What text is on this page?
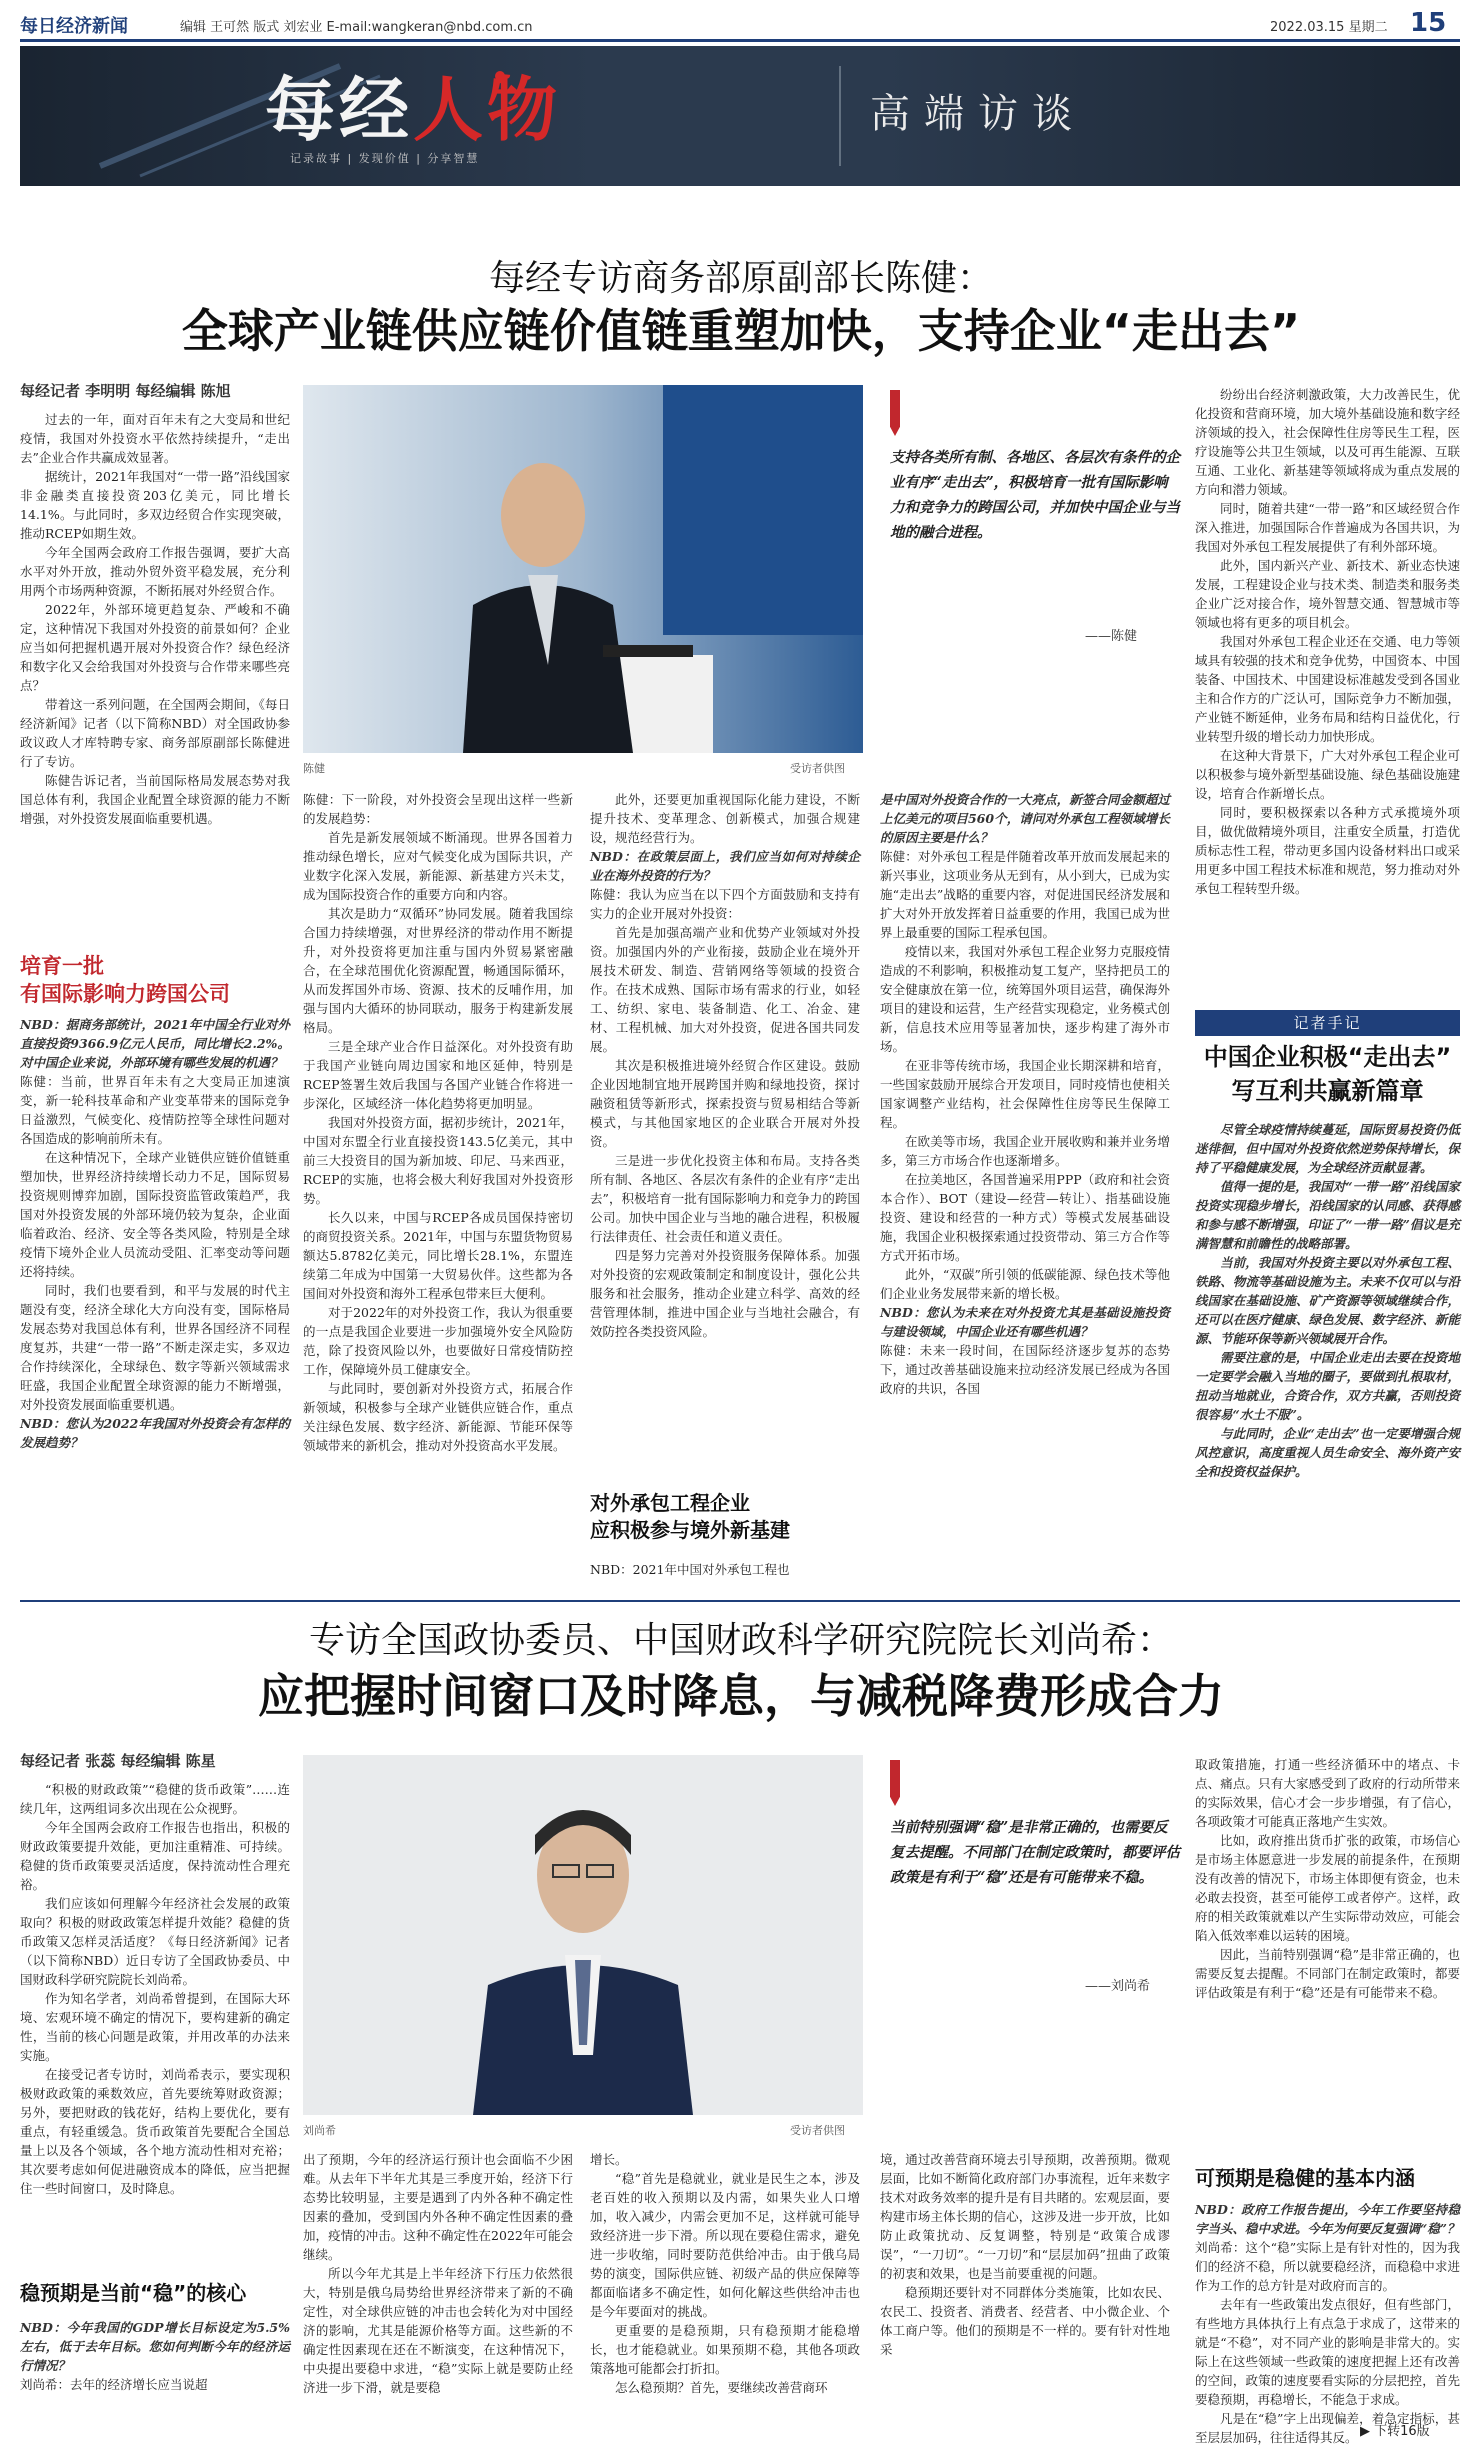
每日经济新闻	编辑 王可然 版式 刘宏业 E-mail:wangkeran@nbd.com.cn	2022.03.15 星期二 15
每经人物
记录故事 | 发现价值 | 分享智慧
高端访谈
每经专访商务部原副部长陈健：
全球产业链供应链价值链重塑加快，支持企业“走出去”
每经记者 李明明 每经编辑 陈旭

过去的一年，面对百年未有之大变局和世纪疫情，我国对外投资水平依然持续提升，“走出去”企业合作共赢成效显著。

据统计，2021年我国对“一带一路”沿线国家非金融类直接投资203亿美元，同比增长14.1%。与此同时，多双边经贸合作实现突破，推动RCEP如期生效。

今年全国两会政府工作报告强调，要扩大高水平对外开放，推动外贸外资平稳发展，充分利用两个市场两种资源，不断拓展对外经贸合作。

2022年，外部环境更趋复杂、严峻和不确定，这种情况下我国对外投资的前景如何？企业应当如何把握机遇开展对外投资合作？绿色经济和数字化又会给我国对外投资与合作带来哪些亮点？

带着这一系列问题，在全国两会期间，《每日经济新闻》记者（以下简称NBD）对全国政协参政议政人才库特聘专家、商务部原副部长陈健进行了专访。

陈健告诉记者，当前国际格局发展态势对我国总体有利，我国企业配置全球资源的能力不断增强，对外投资发展面临重要机遇。

培育一批
有国际影响力跨国公司

NBD：据商务部统计，2021年中国全行业对外直接投资9366.9亿元人民币，同比增长2.2%。对中国企业来说，外部环境有哪些发展的机遇？

陈健：当前，世界百年未有之大变局正加速演变，新一轮科技革命和产业变革带来的国际竞争日益激烈，气候变化、疫情防控等全球性问题对各国造成的影响前所未有。

在这种情况下，全球产业链供应链价值链重塑加快，世界经济持续增长动力不足，国际贸易投资规则博弈加剧，国际投资监管政策趋严，我国对外投资发展的外部环境仍较为复杂，企业面临着政治、经济、安全等各类风险，特别是全球疫情下境外企业人员流动受阻、汇率变动等问题还将持续。

同时，我们也要看到，和平与发展的时代主题没有变，经济全球化大方向没有变，国际格局发展态势对我国总体有利，世界各国经济不同程度复苏，共建“一带一路”不断走深走实，多双边合作持续深化，全球绿色、数字等新兴领域需求旺盛，我国企业配置全球资源的能力不断增强，对外投资发展面临重要机遇。

NBD：您认为2022年我国对外投资会有怎样的发展趋势？

陈健	受访者供图
支持各类所有制、各地区、各层次有条件的企业有序“走出去”，积极培育一批有国际影响力和竞争力的跨国公司，并加快中国企业与当地的融合进程。
——陈健

陈健：下一阶段，对外投资会呈现出这样一些新的发展趋势：

首先是新发展领域不断涌现。世界各国着力推动绿色增长，应对气候变化成为国际共识，产业数字化深入发展，新能源、新基建方兴未艾，成为国际投资合作的重要方向和内容。

其次是助力“双循环”协同发展。随着我国综合国力持续增强，对世界经济的带动作用不断提升，对外投资将更加注重与国内外贸易紧密融合，在全球范围优化资源配置，畅通国际循环，从而发挥国外市场、资源、技术的反哺作用，加强与国内大循环的协同联动，服务于构建新发展格局。

三是全球产业合作日益深化。对外投资有助于我国产业链向周边国家和地区延伸，特别是RCEP签署生效后我国与各国产业链合作将进一步深化，区域经济一体化趋势将更加明显。

我国对外投资方面，据初步统计，2021年，中国对东盟全行业直接投资143.5亿美元，其中前三大投资目的国为新加坡、印尼、马来西亚，RCEP的实施，也将会极大利好我国对外投资形势。

长久以来，中国与RCEP各成员国保持密切的商贸投资关系。2021年，中国与东盟货物贸易额达5.8782亿美元，同比增长28.1%，东盟连续第二年成为中国第一大贸易伙伴。这些都为各国间对外投资和海外工程承包带来巨大便利。

对于2022年的对外投资工作，我认为很重要的一点是我国企业要进一步加强境外安全风险防范，除了投资风险以外，也要做好日常疫情防控工作，保障境外员工健康安全。

与此同时，要创新对外投资方式，拓展合作新领域，积极参与全球产业链供应链合作，重点关注绿色发展、数字经济、新能源、节能环保等领域带来的新机会，推动对外投资高水平发展。

此外，还要更加重视国际化能力建设，不断提升技术、变革理念、创新模式，加强合规建设，规范经营行为。

NBD：在政策层面上，我们应当如何对持续企业在海外投资的行为？

陈健：我认为应当在以下四个方面鼓励和支持有实力的企业开展对外投资：

首先是加强高端产业和优势产业领域对外投资。加强国内外的产业衔接，鼓励企业在境外开展技术研发、制造、营销网络等领域的投资合作。在技术成熟、国际市场有需求的行业，如轻工、纺织、家电、装备制造、化工、冶金、建材、工程机械、加大对外投资，促进各国共同发展。

其次是积极推进境外经贸合作区建设。鼓励企业因地制宜地开展跨国并购和绿地投资，探讨融资租赁等新形式，探索投资与贸易相结合等新模式，与其他国家地区的企业联合开展对外投资。

三是进一步优化投资主体和布局。支持各类所有制、各地区、各层次有条件的企业有序“走出去”，积极培育一批有国际影响力和竞争力的跨国公司。加快中国企业与当地的融合进程，积极履行法律责任、社会责任和道义责任。

四是努力完善对外投资服务保障体系。加强对外投资的宏观政策制定和制度设计，强化公共服务和社会服务，推动企业建立科学、高效的经营管理体制，推进中国企业与当地社会融合，有效防控各类投资风险。

对外承包工程企业
应积极参与境外新基建

NBD：2021年中国对外承包工程也

是中国对外投资合作的一大亮点，新签合同金额超过上亿美元的项目560个，请问对外承包工程领域增长的原因主要是什么？

陈健：对外承包工程是伴随着改革开放而发展起来的新兴事业，这项业务从无到有，从小到大，已成为实施“走出去”战略的重要内容，对促进国民经济发展和扩大对外开放发挥着日益重要的作用，我国已成为世界上最重要的国际工程承包国。

疫情以来，我国对外承包工程企业努力克服疫情造成的不利影响，积极推动复工复产，坚持把员工的安全健康放在第一位，统筹国外项目运营，确保海外项目的建设和运营，生产经营实现稳定，业务模式创新，信息技术应用等显著加快，逐步构建了海外市场。

在亚非等传统市场，我国企业长期深耕和培育，一些国家鼓励开展综合开发项目，同时疫情也使相关国家调整产业结构，社会保障性住房等民生保障工程。

在欧美等市场，我国企业开展收购和兼并业务增多，第三方市场合作也逐渐增多。

在拉美地区，各国普遍采用PPP（政府和社会资本合作）、BOT（建设—经营—转让）、指基础设施投资、建设和经营的一种方式）等模式发展基础设施，我国企业积极探索通过投资带动、第三方合作等方式开拓市场。

此外，“双碳”所引领的低碳能源、绿色技术等他们企业业务发展带来新的增长极。

NBD：您认为未来在对外投资尤其是基础设施投资与建设领域，中国企业还有哪些机遇？

陈健：未来一段时间，在国际经济逐步复苏的态势下，通过改善基础设施来拉动经济发展已经成为各国政府的共识，各国

纷纷出台经济刺激政策，大力改善民生，优化投资和营商环境，加大境外基础设施和数字经济领域的投入，社会保障性住房等民生工程，医疗设施等公共卫生领域，以及可再生能源、互联互通、工业化、新基建等领域将成为重点发展的方向和潜力领域。

同时，随着共建“一带一路”和区域经贸合作深入推进，加强国际合作普遍成为各国共识，为我国对外承包工程发展提供了有利外部环境。

此外，国内新兴产业、新技术、新业态快速发展，工程建设企业与技术类、制造类和服务类企业广泛对接合作，境外智慧交通、智慧城市等领域也将有更多的项目机会。

我国对外承包工程企业还在交通、电力等领域具有较强的技术和竞争优势，中国资本、中国装备、中国技术、中国建设标准越发受到各国业主和合作方的广泛认可，国际竞争力不断加强，产业链不断延伸，业务布局和结构日益优化，行业转型升级的增长动力加快形成。

在这种大背景下，广大对外承包工程企业可以积极参与境外新型基础设施、绿色基础设施建设，培育合作新增长点。

同时，要积极探索以各种方式承揽境外项目，做优做精境外项目，注重安全质量，打造优质标志性工程，带动更多国内设备材料出口或采用更多中国工程技术标准和规范，努力推动对外承包工程转型升级。

记者手记
中国企业积极“走出去”
写互利共赢新篇章

尽管全球疫情持续蔓延，国际贸易投资仍低迷徘徊，但中国对外投资依然逆势保持增长，保持了平稳健康发展，为全球经济贡献显著。

值得一提的是，我国对“一带一路”沿线国家投资实现稳步增长，沿线国家的认同感、获得感和参与感不断增强，印证了“一带一路”倡议是充满智慧和前瞻性的战略部署。

当前，我国对外投资主要以对外承包工程、铁路、物流等基础设施为主。未来不仅可以与沿线国家在基础设施、矿产资源等领域继续合作，还可以在医疗健康、绿色发展、数字经济、新能源、节能环保等新兴领域展开合作。

需要注意的是，中国企业走出去要在投资地一定要学会融入当地的圈子，要做到扎根取材，扭动当地就业，合资合作，双方共赢，否则投资很容易“水土不服”。

与此同时，企业“走出去”也一定要增强合规风控意识，高度重视人员生命安全、海外资产安全和投资权益保护。

专访全国政协委员、中国财政科学研究院院长刘尚希：
应把握时间窗口及时降息，与减税降费形成合力
每经记者 张蕊 每经编辑 陈星

“积极的财政政策”“稳健的货币政策”……连续几年，这两组词多次出现在公众视野。

今年全国两会政府工作报告也指出，积极的财政政策要提升效能，更加注重精准、可持续。稳健的货币政策要灵活适度，保持流动性合理充裕。

我们应该如何理解今年经济社会发展的政策取向？积极的财政政策怎样提升效能？稳健的货币政策又怎样灵活适度？《每日经济新闻》记者（以下简称NBD）近日专访了全国政协委员、中国财政科学研究院院长刘尚希。

作为知名学者，刘尚希曾提到，在国际大环境、宏观环境不确定的情况下，要构建新的确定性，当前的核心问题是政策，并用改革的办法来实施。

在接受记者专访时，刘尚希表示，要实现积极财政政策的乘数效应，首先要统筹财政资源；另外，要把财政的钱花好，结构上要优化，要有重点，有轻重缓急。货币政策首先要配合全国总量上以及各个领域，各个地方流动性相对充裕；其次要考虑如何促进融资成本的降低，应当把握住一些时间窗口，及时降息。

稳预期是当前“稳”的核心

NBD：今年我国的GDP增长目标设定为5.5%左右，低于去年目标。您如何判断今年的经济运行情况？

刘尚希：去年的经济增长应当说超

刘尚希	受访者供图
当前特别强调“稳”是非常正确的，也需要反复去提醒。不同部门在制定政策时，都要评估政策是有利于“稳”还是有可能带来不稳。
——刘尚希

出了预期，今年的经济运行预计也会面临不少困难。从去年下半年尤其是三季度开始，经济下行态势比较明显，主要是遇到了内外各种不确定性因素的叠加，受到国内外各种不确定性因素的叠加，疫情的冲击。这种不确定性在2022年可能会继续。

所以今年尤其是上半年经济下行压力依然很大，特别是俄乌局势给世界经济带来了新的不确定性，对全球供应链的冲击也会转化为对中国经济的影响，尤其是能源价格等方面。这些新的不确定性因素现在还在不断演变，在这种情况下，中央提出要稳中求进，“稳”实际上就是要防止经济进一步下滑，就是要稳

增长。

“稳”首先是稳就业，就业是民生之本，涉及老百姓的收入预期以及内需，如果失业人口增加，收入减少，内需会更加不足，这样就可能导致经济进一步下滑。所以现在要稳住需求，避免进一步收缩，同时要防范供给冲击。由于俄乌局势的演变，国际供应链、初级产品的供应保障等都面临诸多不确定性，如何化解这些供给冲击也是今年要面对的挑战。

更重要的是稳预期，只有稳预期才能稳增长，也才能稳就业。如果预期不稳，其他各项政策落地可能都会打折扣。

怎么稳预期？首先，要继续改善营商环

境，通过改善营商环境去引导预期，改善预期。微观层面，比如不断简化政府部门办事流程，近年来数字技术对政务效率的提升是有目共睹的。宏观层面，要构建市场主体长期的信心，这涉及进一步开放，比如防止政策扰动、反复调整，特别是“政策合成谬误”，“一刀切”。“一刀切”和“层层加码”扭曲了政策的初衷和效果，也是当前要重视的问题。

稳预期还要针对不同群体分类施策，比如农民、农民工、投资者、消费者、经营者、中小微企业、个体工商户等。他们的预期是不一样的。要有针对性地采

取政策措施，打通一些经济循环中的堵点、卡点、痛点。只有大家感受到了政府的行动所带来的实际效果，信心才会一步步增强，有了信心，各项政策才可能真正落地产生实效。

比如，政府推出货币扩张的政策，市场信心是市场主体愿意进一步发展的前提条件，在预期没有改善的情况下，市场主体即便有资金，也未必敢去投资，甚至可能停工或者停产。这样，政府的相关政策就难以产生实际带动效应，可能会陷入低效率难以运转的困境。

因此，当前特别强调“稳”是非常正确的，也需要反复去提醒。不同部门在制定政策时，都要评估政策是有利于“稳”还是有可能带来不稳。

可预期是稳健的基本内涵

NBD：政府工作报告提出，今年工作要坚持稳字当头、稳中求进。今年为何要反复强调“稳”？

刘尚希：这个“稳”实际上是有针对性的，因为我们的经济不稳，所以就要稳经济，而稳稳中求进作为工作的总方针是对政府而言的。

去年有一些政策出发点很好，但有些部门，有些地方具体执行上有点急于求成了，这带来的就是“不稳”，对不同产业的影响是非常大的。实际上在这些领域一些政策的速度把握上还有改善的空间，政策的速度要看实际的分层把控，首先要稳预期，再稳增长，不能急于求成。

凡是在“稳”字上出现偏差，着急定指标，甚至层层加码，往往适得其反。 ▶ 下转16版
